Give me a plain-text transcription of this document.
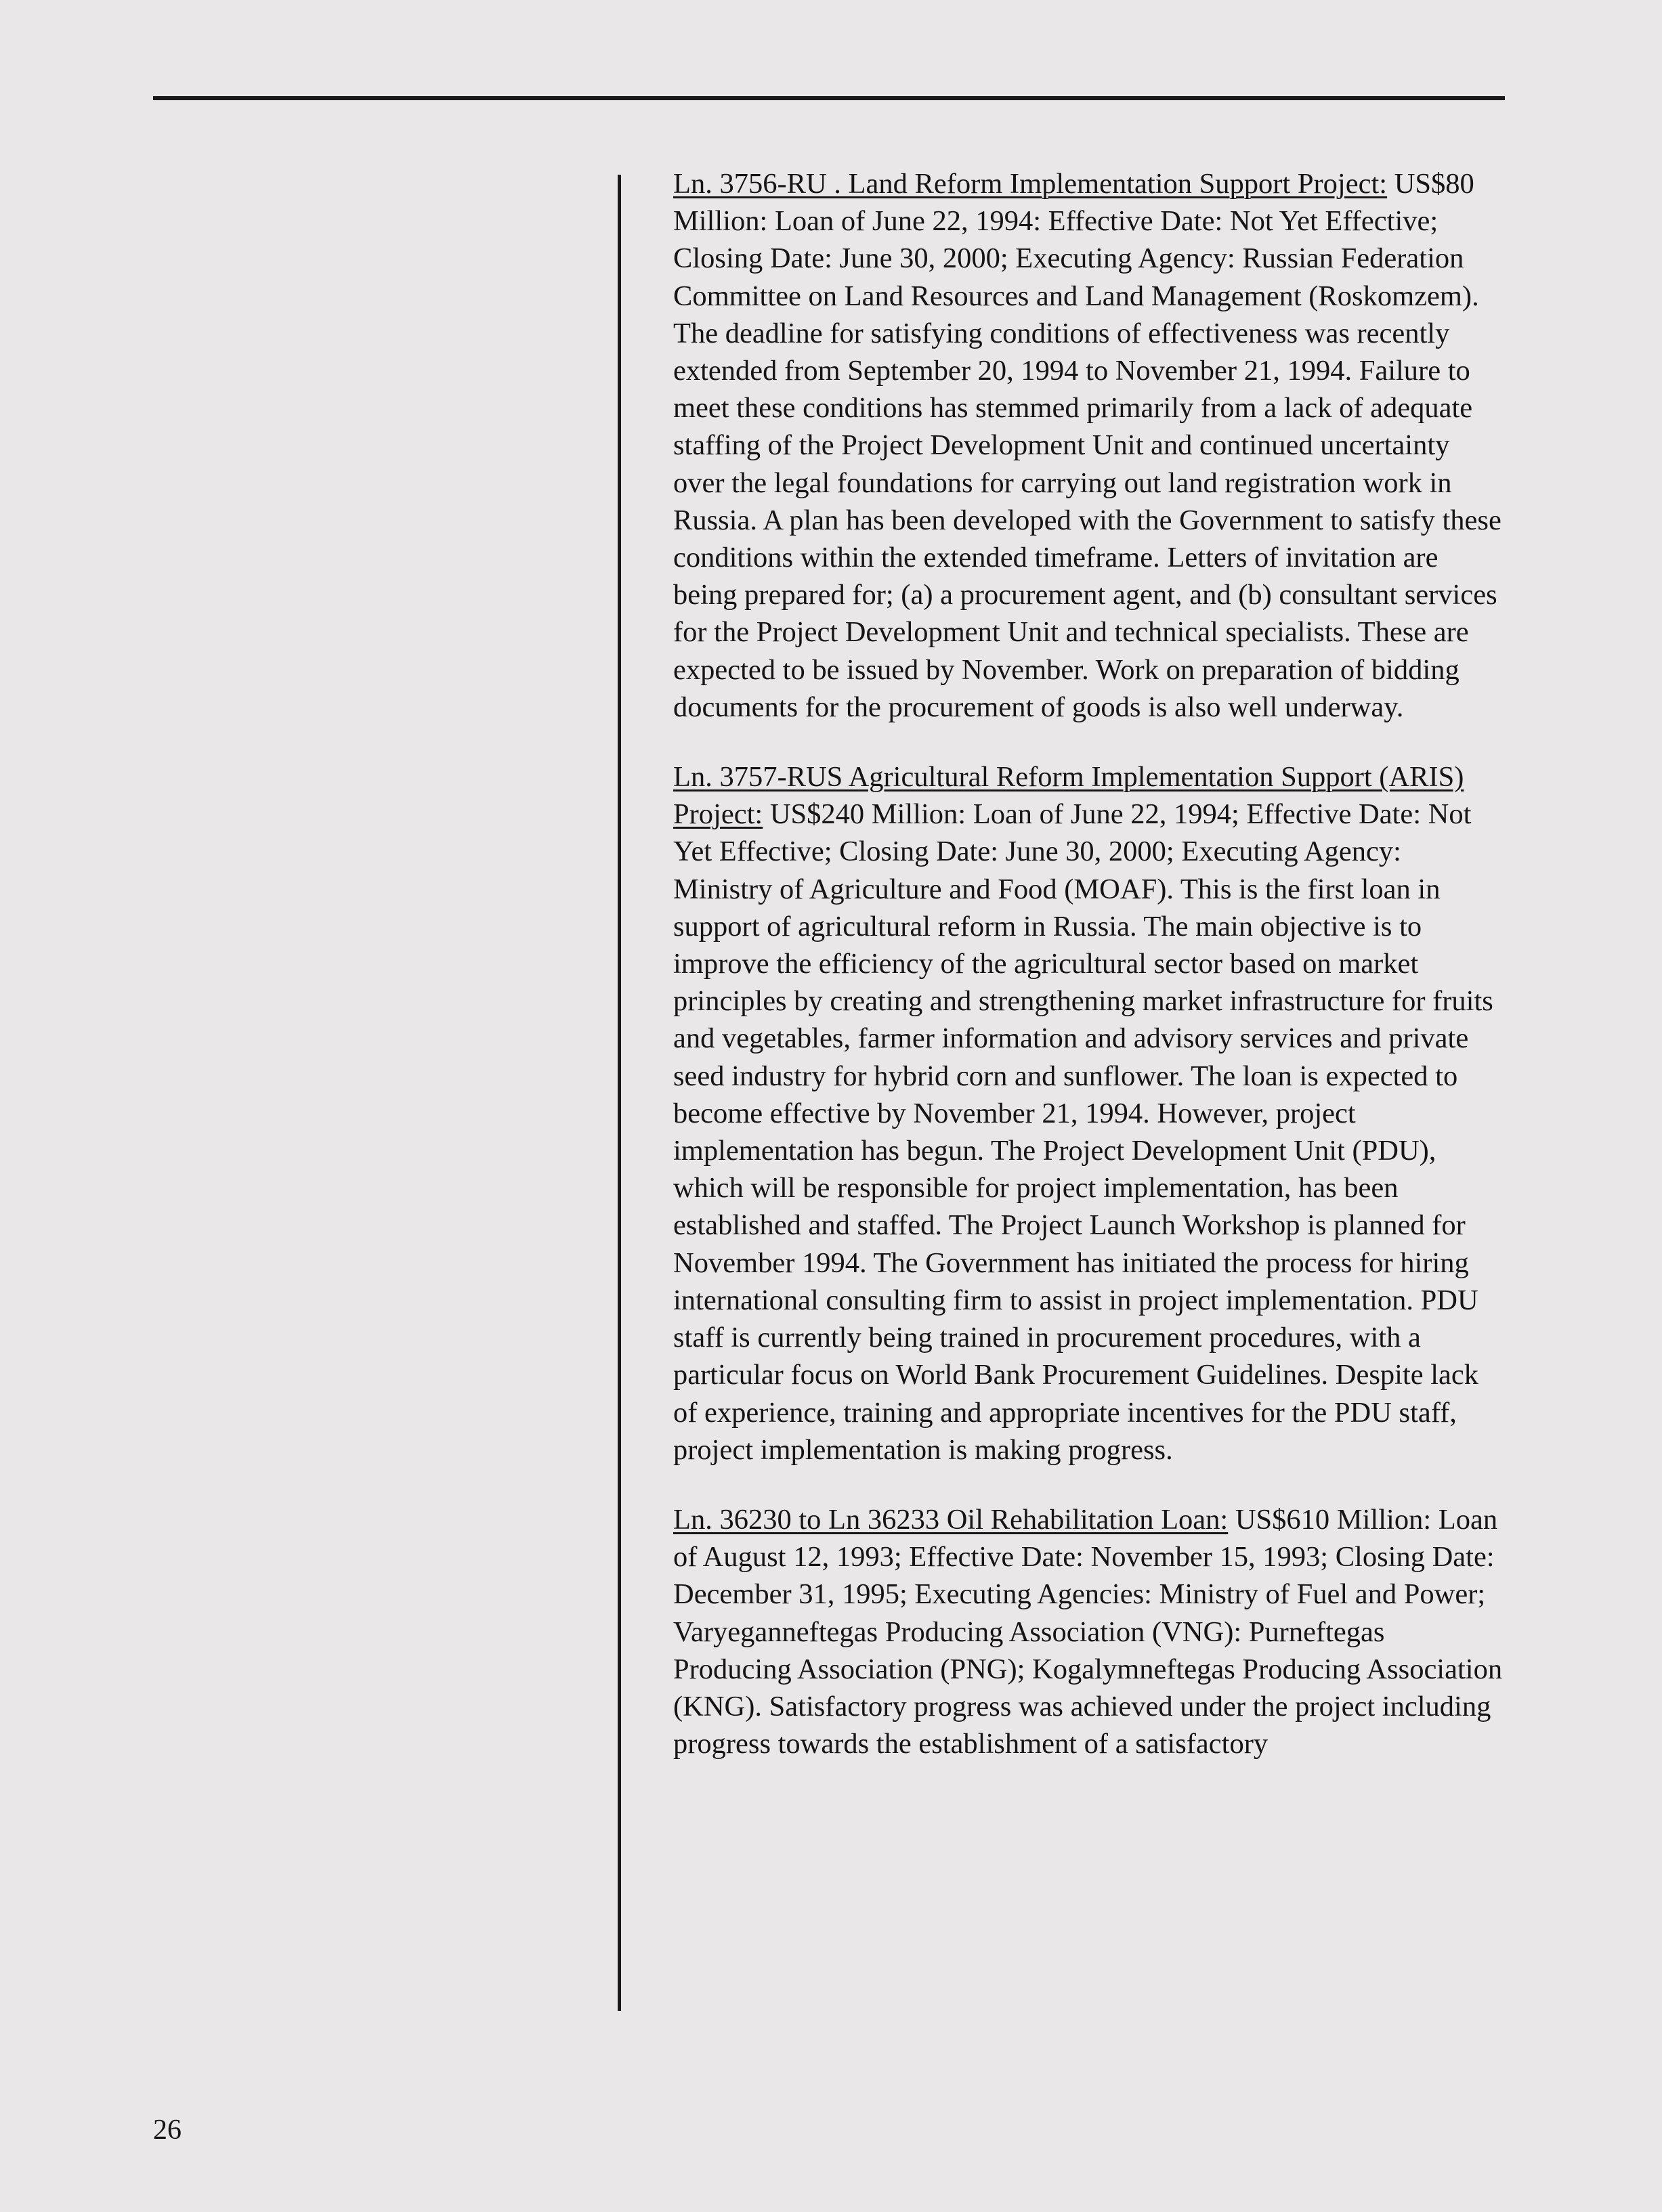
Ln. 3756-RU . Land Reform Implementation Support Project: US$80 Million: Loan of June 22, 1994: Effective Date: Not Yet Effective; Closing Date: June 30, 2000; Executing Agency: Russian Federation Committee on Land Resources and Land Management (Roskomzem). The deadline for satisfying conditions of effectiveness was recently extended from September 20, 1994 to November 21, 1994. Failure to meet these conditions has stemmed primarily from a lack of adequate staffing of the Project Development Unit and continued uncertainty over the legal foundations for carrying out land registration work in Russia. A plan has been developed with the Government to satisfy these conditions within the extended timeframe. Letters of invitation are being prepared for; (a) a procurement agent, and (b) consultant services for the Project Development Unit and technical specialists. These are expected to be issued by November. Work on preparation of bidding documents for the procurement of goods is also well underway.

Ln. 3757-RUS Agricultural Reform Implementation Support (ARIS) Project: US$240 Million: Loan of June 22, 1994; Effective Date: Not Yet Effective; Closing Date: June 30, 2000; Executing Agency: Ministry of Agriculture and Food (MOAF). This is the first loan in support of agricultural reform in Russia. The main objective is to improve the efficiency of the agricultural sector based on market principles by creating and strengthening market infrastructure for fruits and vegetables, farmer information and advisory services and private seed industry for hybrid corn and sunflower. The loan is expected to become effective by November 21, 1994. However, project implementation has begun. The Project Development Unit (PDU), which will be responsible for project implementation, has been established and staffed. The Project Launch Workshop is planned for November 1994. The Government has initiated the process for hiring international consulting firm to assist in project implementation. PDU staff is currently being trained in procurement procedures, with a particular focus on World Bank Procurement Guidelines. Despite lack of experience, training and appropriate incentives for the PDU staff, project implementation is making progress.

Ln. 36230 to Ln 36233 Oil Rehabilitation Loan: US$610 Million: Loan of August 12, 1993; Effective Date: November 15, 1993; Closing Date: December 31, 1995; Executing Agencies: Ministry of Fuel and Power; Varyeganneftegas Producing Association (VNG): Purneftegas Producing Association (PNG); Kogalymneftegas Producing Association (KNG). Satisfactory progress was achieved under the project including progress towards the establishment of a satisfactory

26
